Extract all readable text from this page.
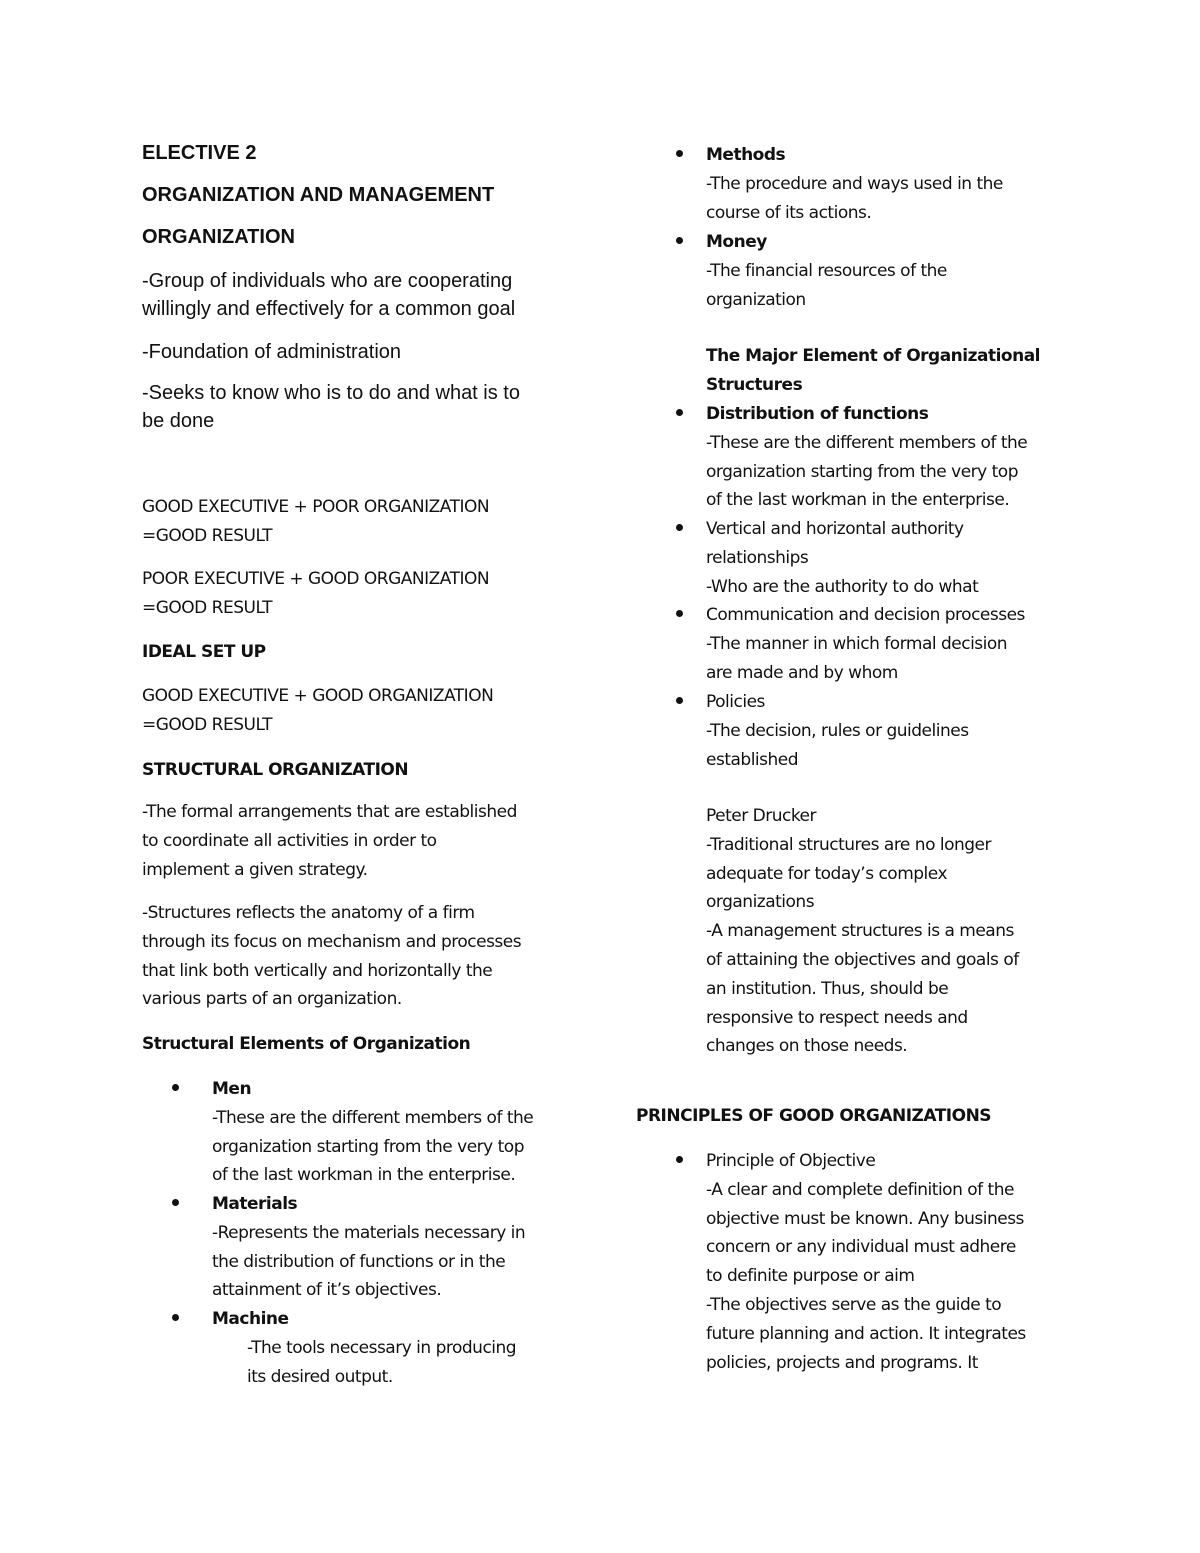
ELECTIVE 2
ORGANIZATION AND MANAGEMENT
ORGANIZATION
-Group of individuals who are cooperating
willingly and effectively for a common goal
-Foundation of administration
-Seeks to know who is to do and what is to
be done
GOOD EXECUTIVE + POOR ORGANIZATION
=GOOD RESULT
POOR EXECUTIVE + GOOD ORGANIZATION
=GOOD RESULT
IDEAL SET UP
GOOD EXECUTIVE + GOOD ORGANIZATION
=GOOD RESULT
STRUCTURAL ORGANIZATION
-The formal arrangements that are established
to coordinate all activities in order to
implement a given strategy.
-Structures reflects the anatomy of a firm
through its focus on mechanism and processes
that link both vertically and horizontally the
various parts of an organization.
Structural Elements of Organization
Men
-These are the different members of the
organization starting from the very top
of the last workman in the enterprise.
Materials
-Represents the materials necessary in
the distribution of functions or in the
attainment of it’s objectives.
Machine
-The tools necessary in producing
its desired output.
Methods
-The procedure and ways used in the
course of its actions.
Money
-The financial resources of the
organization
The Major Element of Organizational
Structures
Distribution of functions
-These are the different members of the
organization starting from the very top
of the last workman in the enterprise.
Vertical and horizontal authority
relationships
-Who are the authority to do what
Communication and decision processes
-The manner in which formal decision
are made and by whom
Policies
-The decision, rules or guidelines
established
Peter Drucker
-Traditional structures are no longer
adequate for today’s complex
organizations
-A management structures is a means
of attaining the objectives and goals of
an institution. Thus, should be
responsive to respect needs and
changes on those needs.
PRINCIPLES OF GOOD ORGANIZATIONS
Principle of Objective
-A clear and complete definition of the
objective must be known. Any business
concern or any individual must adhere
to definite purpose or aim
-The objectives serve as the guide to
future planning and action. It integrates
policies, projects and programs. It
